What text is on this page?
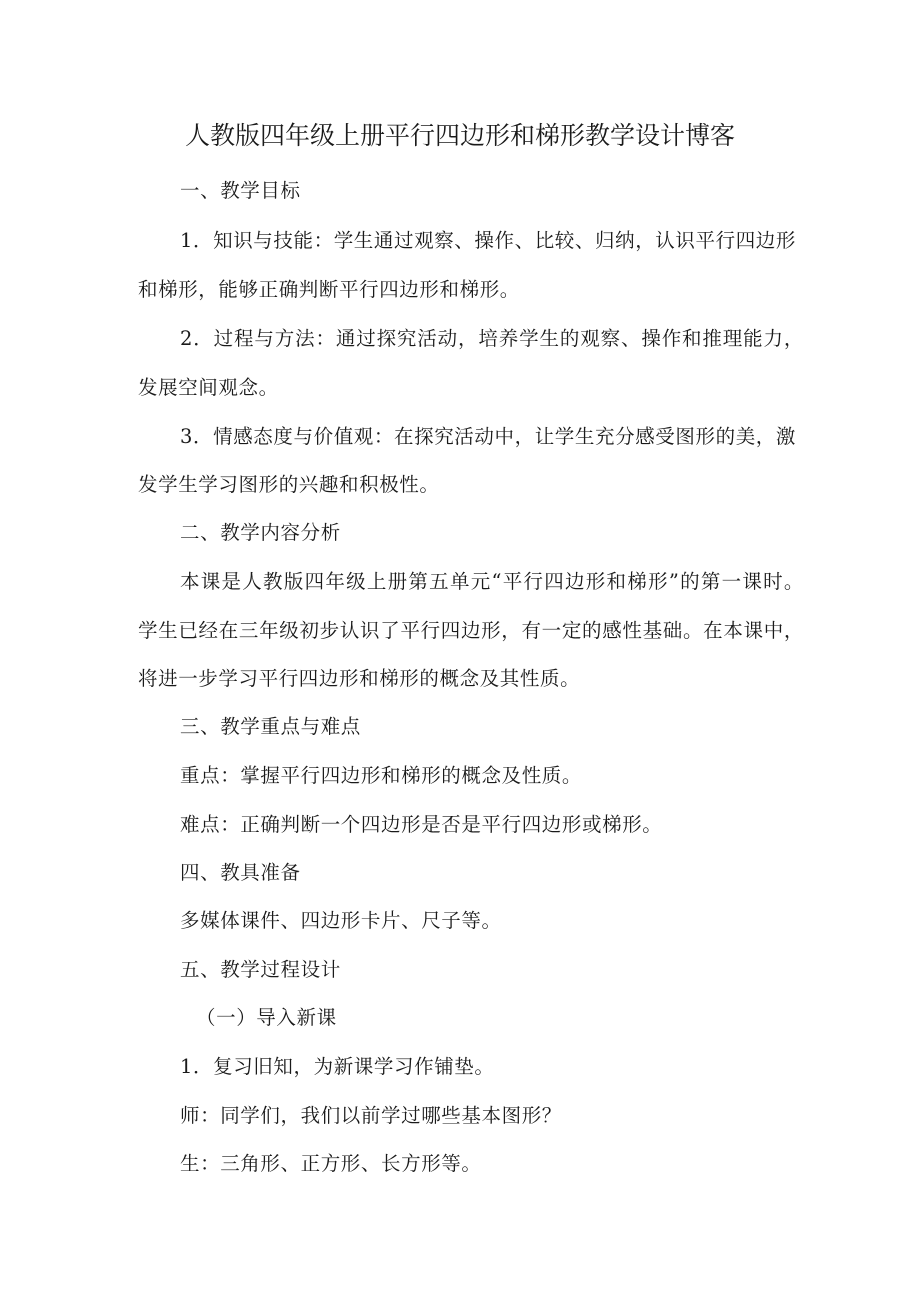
人教版四年级上册平行四边形和梯形教学设计博客
一、教学目标
1．知识与技能：学生通过观察、操作、比较、归纳，认识平行四边形
和梯形，能够正确判断平行四边形和梯形。
2．过程与方法：通过探究活动，培养学生的观察、操作和推理能力，
发展空间观念。
3．情感态度与价值观：在探究活动中，让学生充分感受图形的美，激
发学生学习图形的兴趣和积极性。
二、教学内容分析
本课是人教版四年级上册第五单元“平行四边形和梯形”的第一课时。
学生已经在三年级初步认识了平行四边形，有一定的感性基础。在本课中，
将进一步学习平行四边形和梯形的概念及其性质。
三、教学重点与难点
重点：掌握平行四边形和梯形的概念及性质。
难点：正确判断一个四边形是否是平行四边形或梯形。
四、教具准备
多媒体课件、四边形卡片、尺子等。
五、教学过程设计
（一）导入新课
1．复习旧知，为新课学习作铺垫。
师：同学们，我们以前学过哪些基本图形？
生：三角形、正方形、长方形等。
